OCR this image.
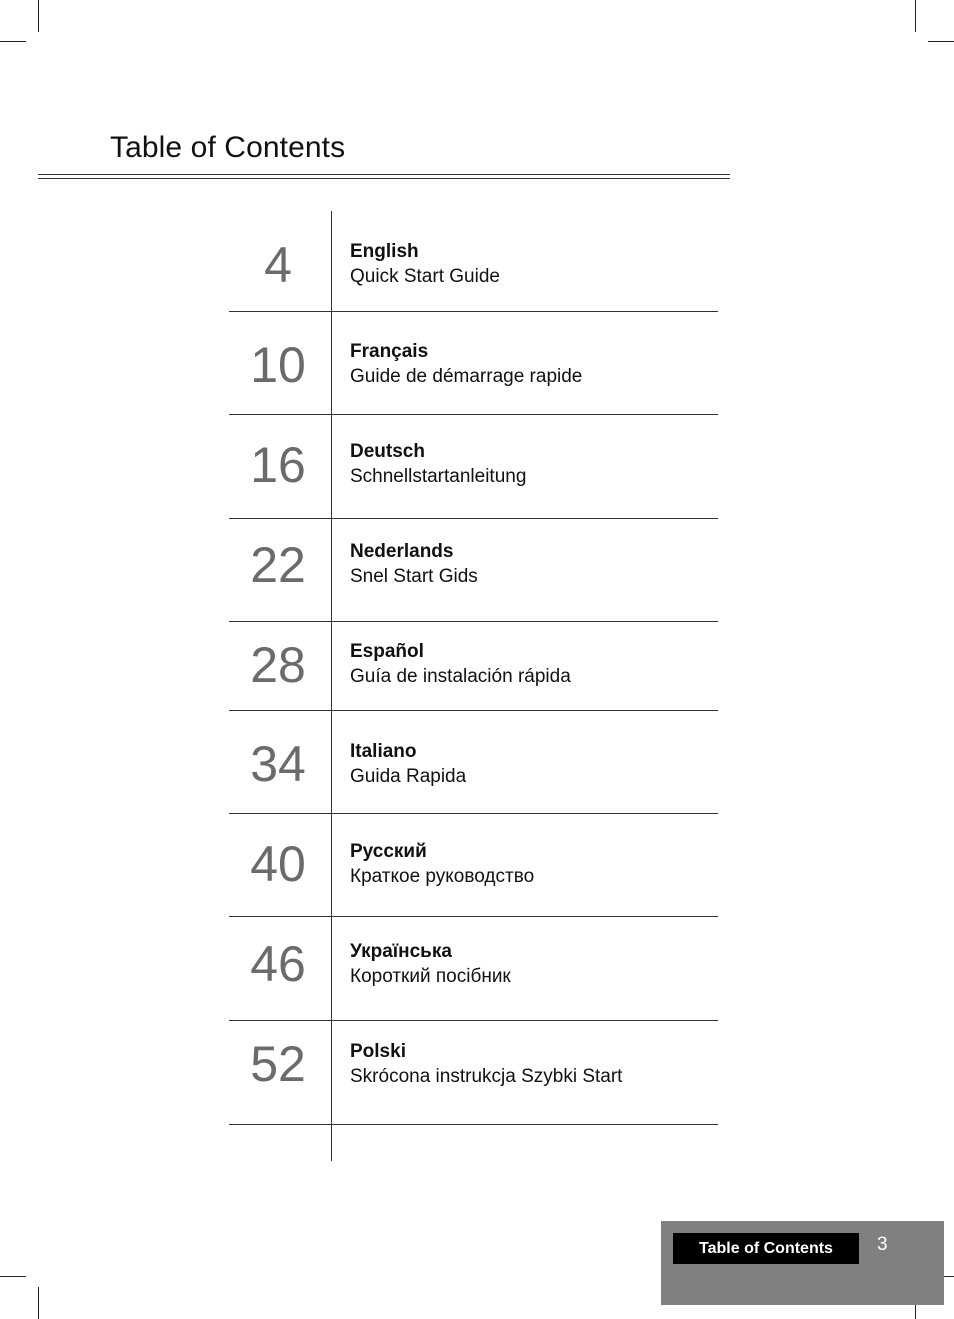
Table of Contents
4	English
Quick Start Guide
10	Français
Guide de démarrage rapide
16	Deutsch
Schnellstartanleitung
22	Nederlands
Snel Start Gids
28	Español
Guía de instalación rápida
34	Italiano
Guida Rapida
40	Русский
Краткое руководство
46	Українська
Короткий посібник
52	Polski
Skrócona instrukcja Szybki Start
Table of Contents	3
